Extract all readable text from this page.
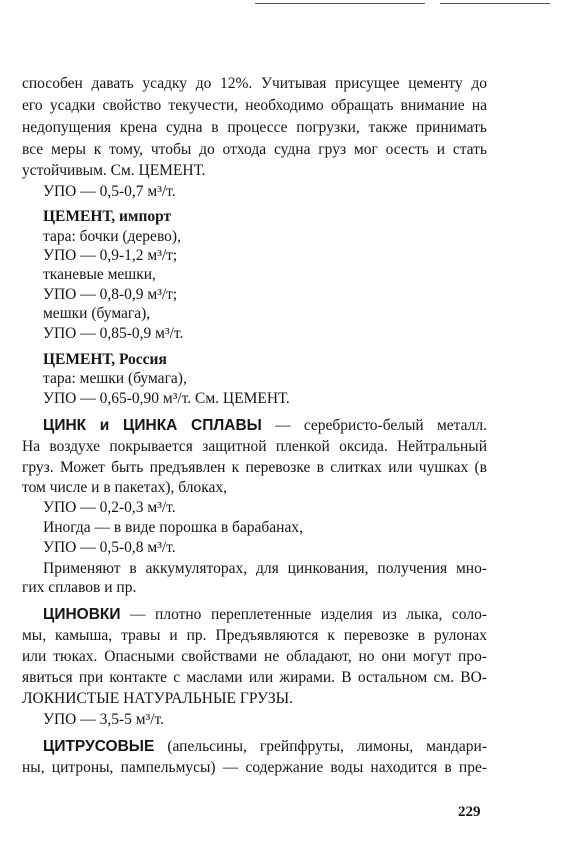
способен давать усадку до 12%. Учитывая присущее цементу до
его усадки свойство текучести, необходимо обращать внимание на
недопущения крена судна в процессе погрузки, также принимать
все меры к тому, чтобы до отхода судна груз мог осесть и стать
устойчивым. См. ЦЕМЕНТ.
УПО — 0,5-0,7 м³/т.
ЦЕМЕНТ, импорт
тара: бочки (дерево),
УПО — 0,9-1,2 м³/т;
тканевые мешки,
УПО — 0,8-0,9 м³/т;
мешки (бумага),
УПО — 0,85-0,9 м³/т.
ЦЕМЕНТ, Россия
тара: мешки (бумага),
УПО — 0,65-0,90 м³/т. См. ЦЕМЕНТ.
ЦИНК и ЦИНКА СПЛАВЫ — серебристо-белый металл.
На воздухе покрывается защитной пленкой оксида. Нейтральный
груз. Может быть предъявлен к перевозке в слитках или чушках (в
том числе и в пакетах), блоках,
УПО — 0,2-0,3 м³/т.
Иногда — в виде порошка в барабанах,
УПО — 0,5-0,8 м³/т.
Применяют в аккумуляторах, для цинкования, получения мно-
гих сплавов и пр.
ЦИНОВКИ — плотно переплетенные изделия из лыка, соло-
мы, камыша, травы и пр. Предъявляются к перевозке в рулонах
или тюках. Опасными свойствами не обладают, но они могут про-
явиться при контакте с маслами или жирами. В остальном см. ВО-
ЛОКНИСТЫЕ НАТУРАЛЬНЫЕ ГРУЗЫ.
УПО — 3,5-5 м³/т.
ЦИТРУСОВЫЕ (апельсины, грейпфруты, лимоны, мандари-
ны, цитроны, пампельмусы) — содержание воды находится в пре-
229
